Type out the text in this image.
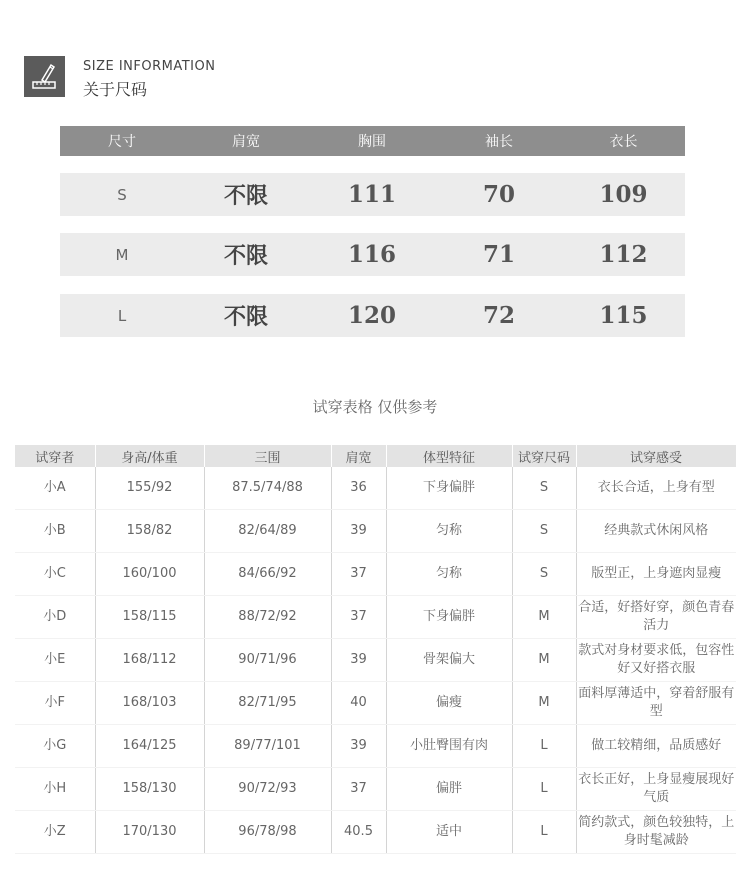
SIZE INFORMATION
关于尺码
尺寸	肩宽	胸围	袖长	衣长
S	不限	111	70	109
M	不限	116	71	112
L	不限	120	72	115
试穿表格 仅供参考
试穿者	身高/体重	三围	肩宽	体型特征	试穿尺码	试穿感受
小A	155/92	87.5/74/88	36	下身偏胖	S	衣长合适，上身有型
小B	158/82	82/64/89	39	匀称	S	经典款式休闲风格
小C	160/100	84/66/92	37	匀称	S	版型正，上身遮肉显瘦
小D	158/115	88/72/92	37	下身偏胖	M	合适，好搭好穿，颜色青春活力
小E	168/112	90/71/96	39	骨架偏大	M	款式对身材要求低，包容性好又好搭衣服
小F	168/103	82/71/95	40	偏瘦	M	面料厚薄适中，穿着舒服有型
小G	164/125	89/77/101	39	小肚臀围有肉	L	做工较精细，品质感好
小H	158/130	90/72/93	37	偏胖	L	衣长正好，上身显瘦展现好气质
小Z	170/130	96/78/98	40.5	适中	L	简约款式，颜色较独特，上身时髦减龄
